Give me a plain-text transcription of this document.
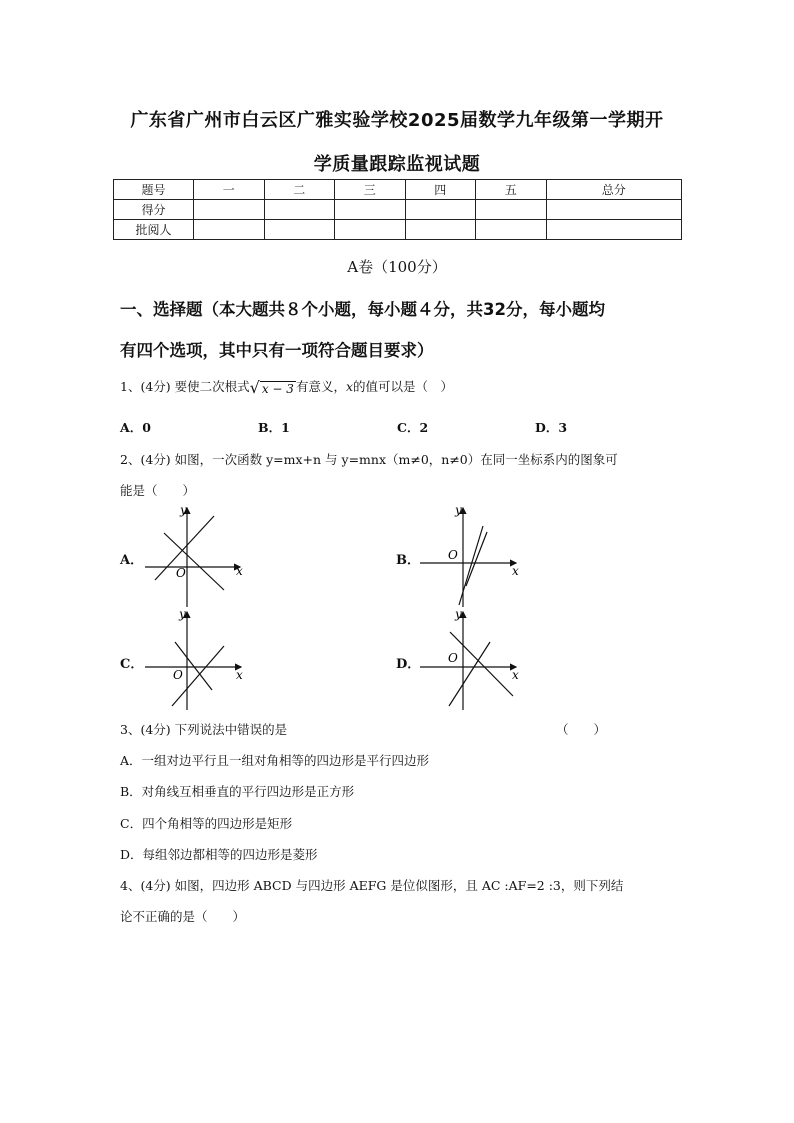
广东省广州市白云区广雅实验学校2025届数学九年级第一学期开
学质量跟踪监视试题
题号	一	二	三	四	五	总分
得分						
批阅人						
A卷（100分）
一、选择题（本大题共８个小题，每小题４分，共32分，每小题均
有四个选项，其中只有一项符合题目要求）
1、(4分) 要使二次根式 √ x − 3 有意义，x的值可以是（　）
A．0	B．1	C．2	D．3
2、(4分) 如图，一次函数 y=mx+n 与 y=mnx（m≠0，n≠0）在同一坐标系内的图象可
能是（　　）
A．	B．
C．	D．
O	x
y
O
x
y
O	x
y
O
x
y
3、(4分) 下列说法中错误的是	（　　）
A．一组对边平行且一组对角相等的四边形是平行四边形
B．对角线互相垂直的平行四边形是正方形
C．四个角相等的四边形是矩形
D．每组邻边都相等的四边形是菱形
4、(4分) 如图，四边形 ABCD 与四边形 AEFG 是位似图形，且 AC :AF=2 :3，则下列结
论不正确的是（　　）
